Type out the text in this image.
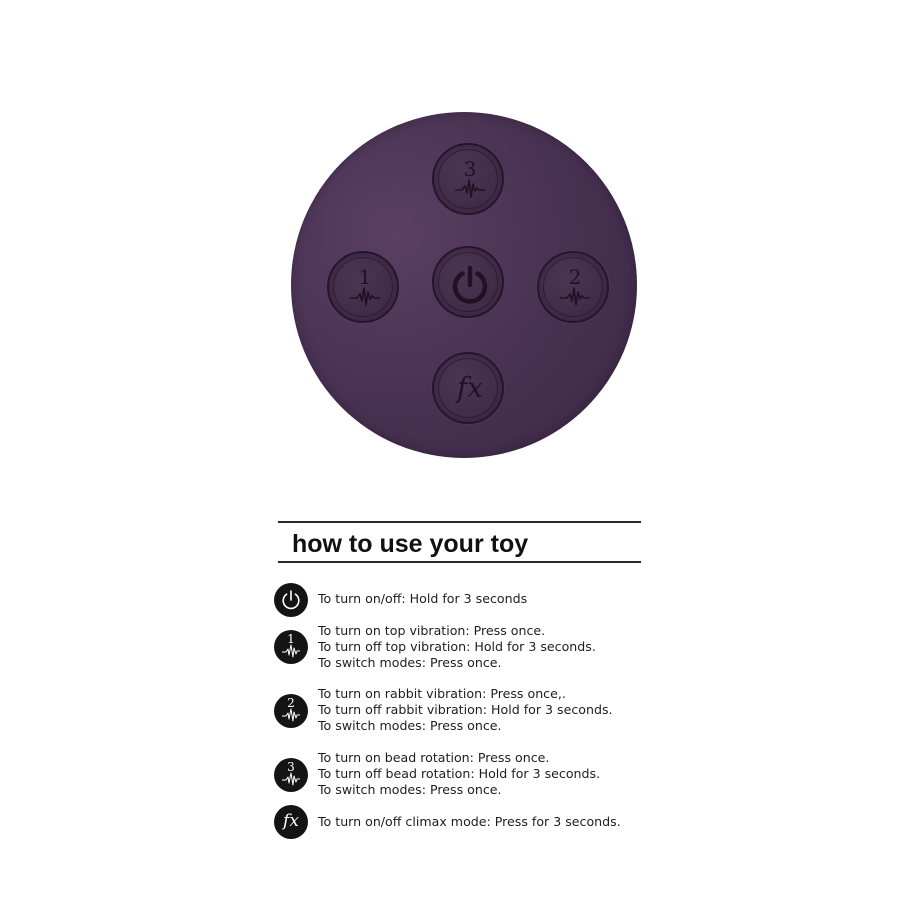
3
1	2
fx
how to use your toy
To turn on/off: Hold for 3 seconds
1
To turn on top vibration: Press once.
To turn off top vibration: Hold for 3 seconds.
To switch modes: Press once.
2
To turn on rabbit vibration: Press once,.
To turn off rabbit vibration: Hold for 3 seconds.
To switch modes: Press once.
3
To turn on bead rotation: Press once.
To turn off bead rotation: Hold for 3 seconds.
To switch modes: Press once.
fx	To turn on/off climax mode: Press for 3 seconds.
